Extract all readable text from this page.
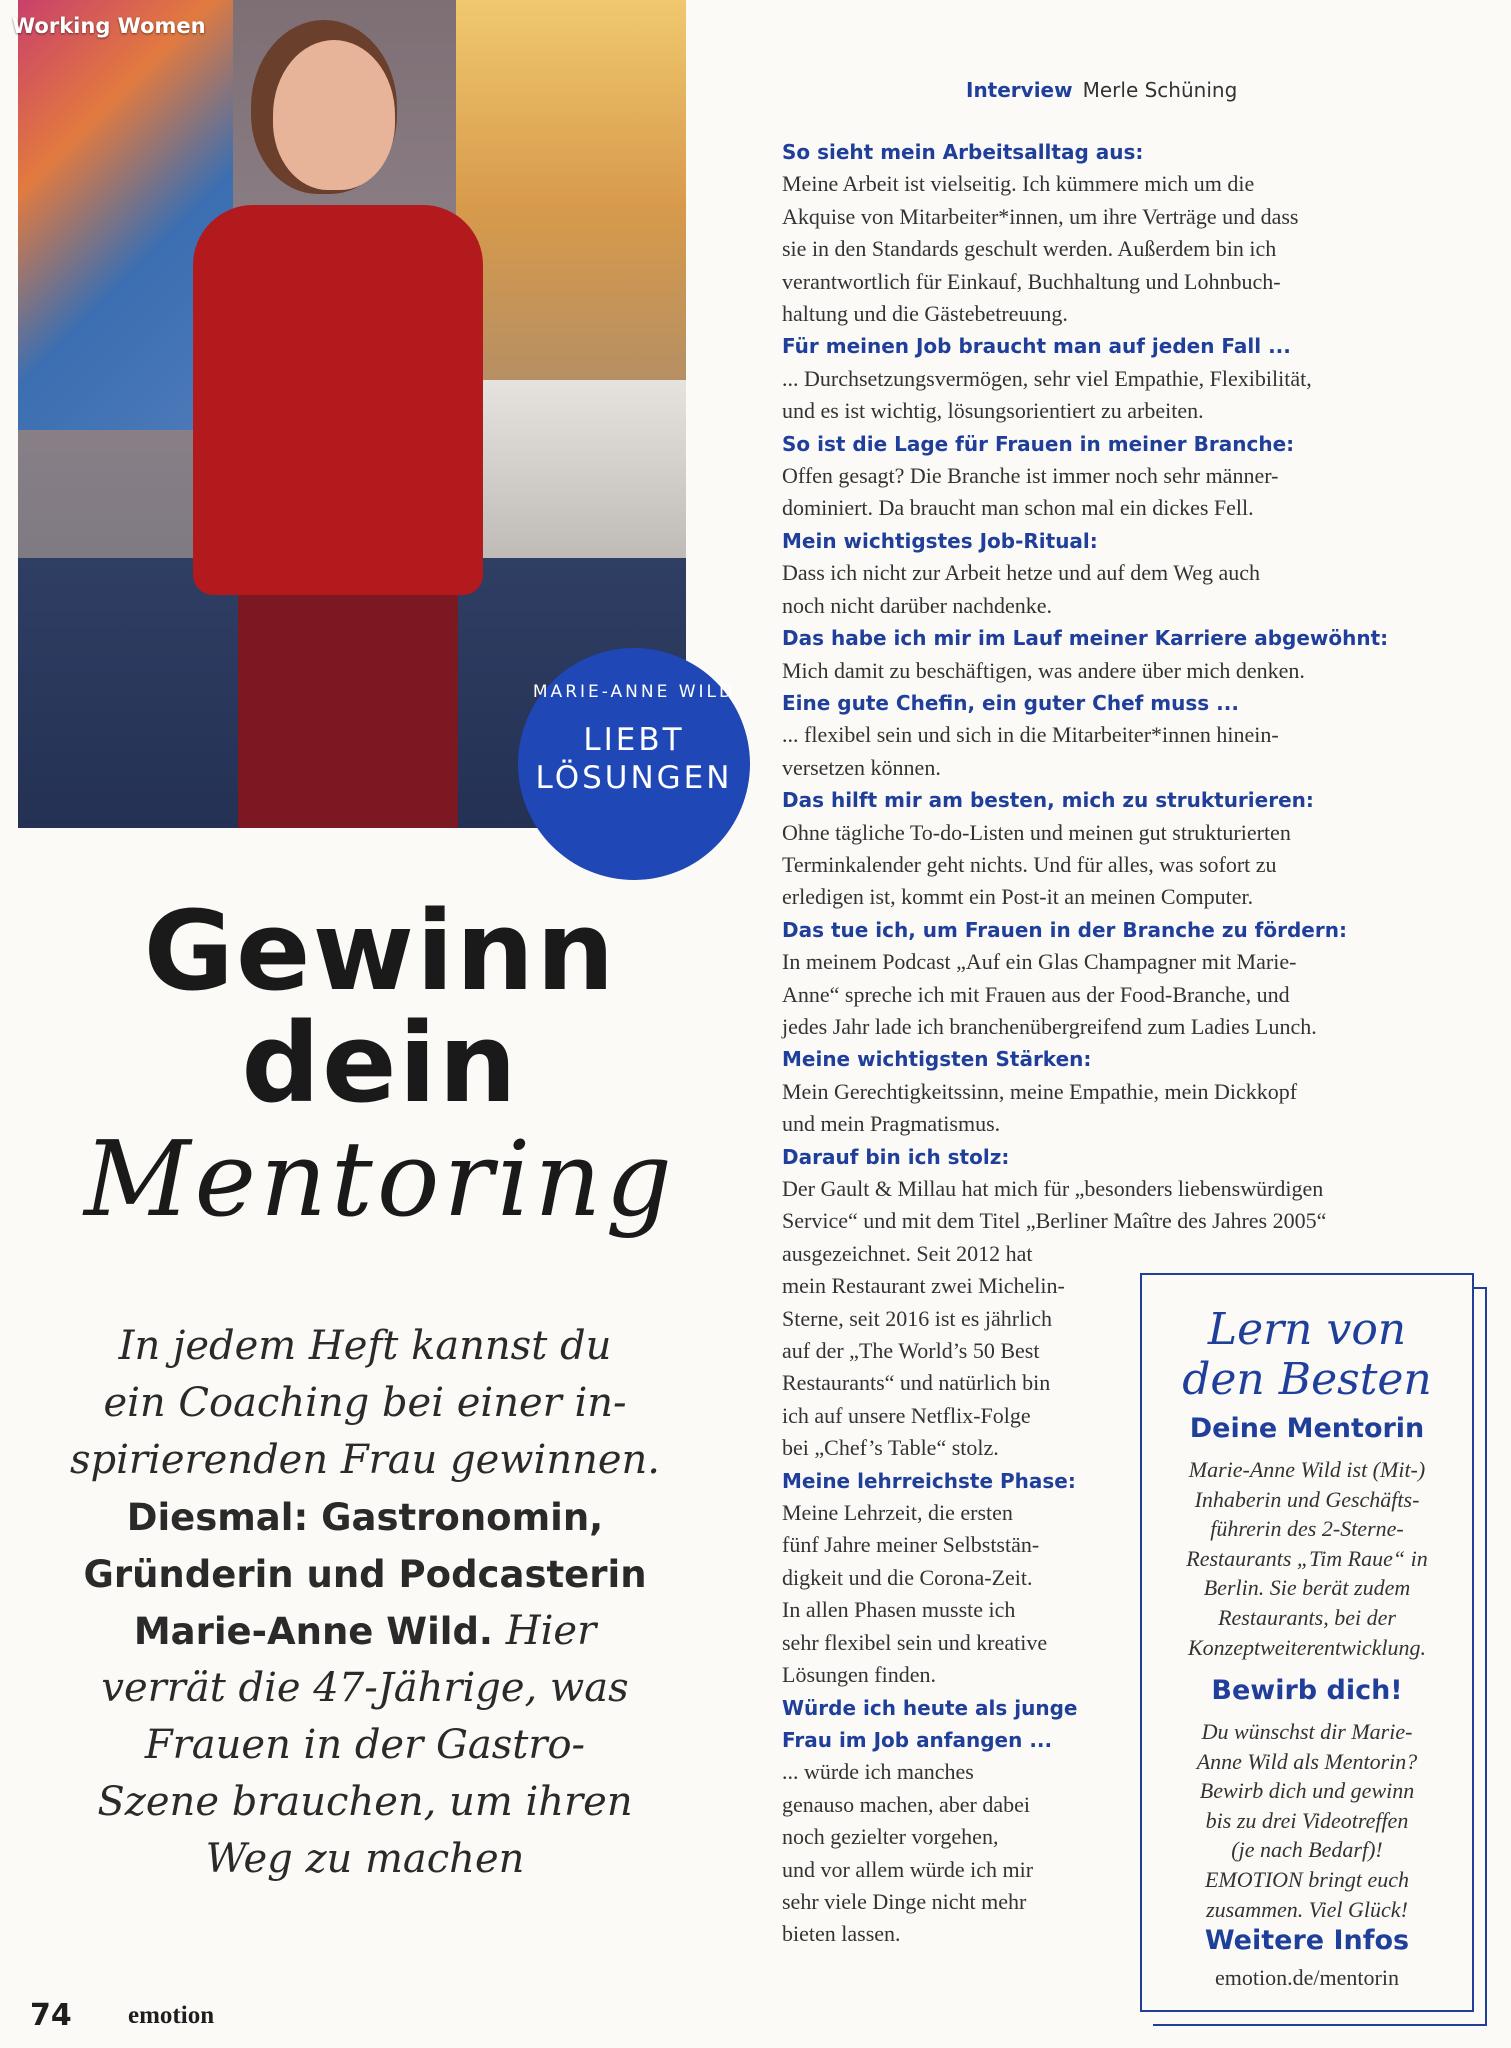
Working Women
MARIE-ANNE WILD
LIEBT
LÖSUNGEN
Gewinn
dein
Mentoring
In jedem Heft kannst du
ein Coaching bei einer in-
spirierenden Frau gewinnen.
Diesmal: Gastronomin,
Gründerin und Podcasterin
Marie-Anne Wild. Hier
verrät die 47-Jährige, was
Frauen in der Gastro-
Szene brauchen, um ihren
Weg zu machen
Interview Merle Schüning
So sieht mein Arbeitsalltag aus:
Meine Arbeit ist vielseitig. Ich kümmere mich um die
Akquise von Mitarbeiter*innen, um ihre Verträge und dass
sie in den Standards geschult werden. Außerdem bin ich
verantwortlich für Einkauf, Buchhaltung und Lohnbuch-
haltung und die Gästebetreuung.
Für meinen Job braucht man auf jeden Fall ...
... Durchsetzungsvermögen, sehr viel Empathie, Flexibilität,
und es ist wichtig, lösungsorientiert zu arbeiten.
So ist die Lage für Frauen in meiner Branche:
Offen gesagt? Die Branche ist immer noch sehr männer-
dominiert. Da braucht man schon mal ein dickes Fell.
Mein wichtigstes Job-Ritual:
Dass ich nicht zur Arbeit hetze und auf dem Weg auch
noch nicht darüber nachdenke.
Das habe ich mir im Lauf meiner Karriere abgewöhnt:
Mich damit zu beschäftigen, was andere über mich denken.
Eine gute Chefin, ein guter Chef muss ...
... flexibel sein und sich in die Mitarbeiter*innen hinein-
versetzen können.
Das hilft mir am besten, mich zu strukturieren:
Ohne tägliche To-do-Listen und meinen gut strukturierten
Terminkalender geht nichts. Und für alles, was sofort zu
erledigen ist, kommt ein Post-it an meinen Computer.
Das tue ich, um Frauen in der Branche zu fördern:
In meinem Podcast „Auf ein Glas Champagner mit Marie-
Anne“ spreche ich mit Frauen aus der Food-Branche, und
jedes Jahr lade ich branchenübergreifend zum Ladies Lunch.
Meine wichtigsten Stärken:
Mein Gerechtigkeitssinn, meine Empathie, mein Dickkopf
und mein Pragmatismus.
Darauf bin ich stolz:
Der Gault & Millau hat mich für „besonders liebenswürdigen
Service“ und mit dem Titel „Berliner Maître des Jahres 2005“
ausgezeichnet. Seit 2012 hat
mein Restaurant zwei Michelin-
Sterne, seit 2016 ist es jährlich
auf der „The World’s 50 Best
Restaurants“ und natürlich bin
ich auf unsere Netflix-Folge
bei „Chef’s Table“ stolz.
Meine lehrreichste Phase:
Meine Lehrzeit, die ersten
fünf Jahre meiner Selbststän-
digkeit und die Corona-Zeit.
In allen Phasen musste ich
sehr flexibel sein und kreative
Lösungen finden.
Würde ich heute als junge
Frau im Job anfangen ...
... würde ich manches
genauso machen, aber dabei
noch gezielter vorgehen,
und vor allem würde ich mir
sehr viele Dinge nicht mehr
bieten lassen.
Lern von
den Besten
Deine Mentorin
Marie-Anne Wild ist (Mit-)
Inhaberin und Geschäfts-
führerin des 2-Sterne-
Restaurants „Tim Raue“ in
Berlin. Sie berät zudem
Restaurants, bei der
Konzeptweiterentwicklung.
Bewirb dich!
Du wünschst dir Marie-
Anne Wild als Mentorin?
Bewirb dich und gewinn
bis zu drei Videotreffen
(je nach Bedarf)!
EMOTION bringt euch
zusammen. Viel Glück!
Weitere Infos
emotion.de/mentorin
74 emotion
